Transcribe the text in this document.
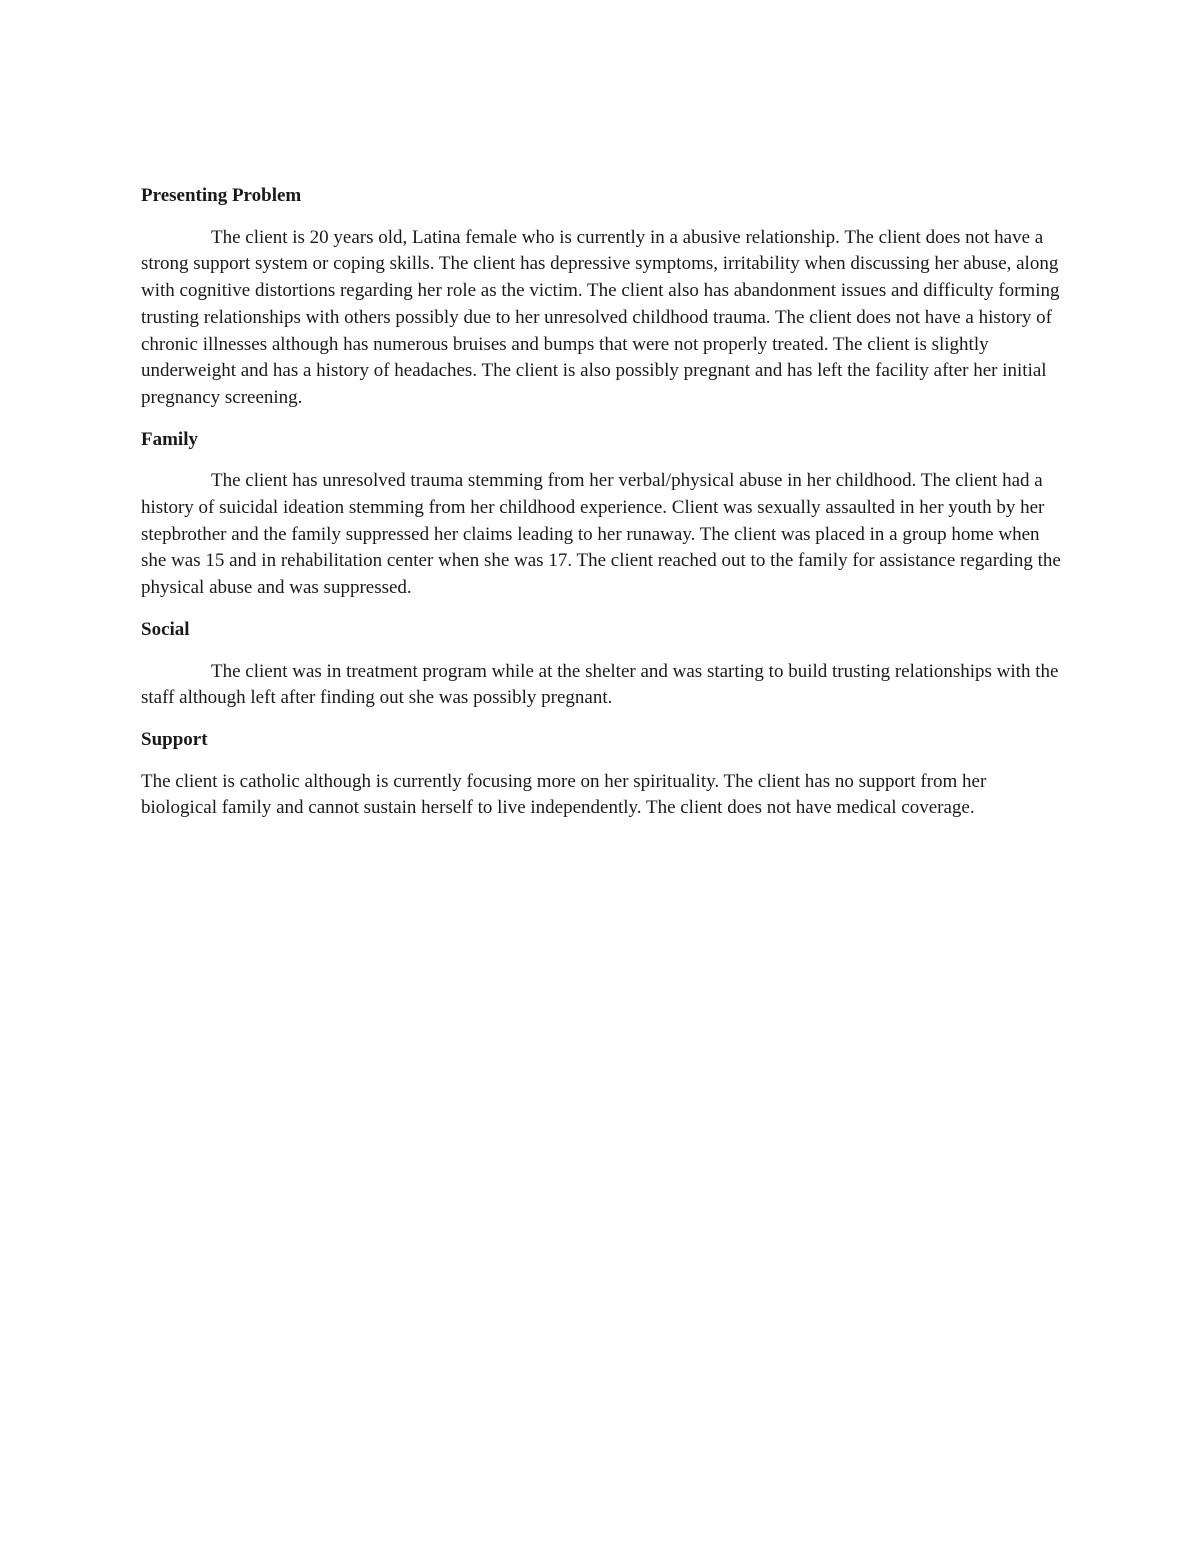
Presenting Problem

The client is 20 years old, Latina female who is currently in a abusive relationship. The client does not have a strong support system or coping skills. The client has depressive symptoms, irritability when discussing her abuse, along with cognitive distortions regarding her role as the victim. The client also has abandonment issues and difficulty forming trusting relationships with others possibly due to her unresolved childhood trauma. The client does not have a history of chronic illnesses although has numerous bruises and bumps that were not properly treated. The client is slightly underweight and has a history of headaches. The client is also possibly pregnant and has left the facility after her initial pregnancy screening.

Family

The client has unresolved trauma stemming from her verbal/physical abuse in her childhood. The client had a history of suicidal ideation stemming from her childhood experience. Client was sexually assaulted in her youth by her stepbrother and the family suppressed her claims leading to her runaway. The client was placed in a group home when she was 15 and in rehabilitation center when she was 17. The client reached out to the family for assistance regarding the physical abuse and was suppressed.

Social

The client was in treatment program while at the shelter and was starting to build trusting relationships with the staff although left after finding out she was possibly pregnant.

Support

The client is catholic although is currently focusing more on her spirituality. The client has no support from her biological family and cannot sustain herself to live independently. The client does not have medical coverage.
